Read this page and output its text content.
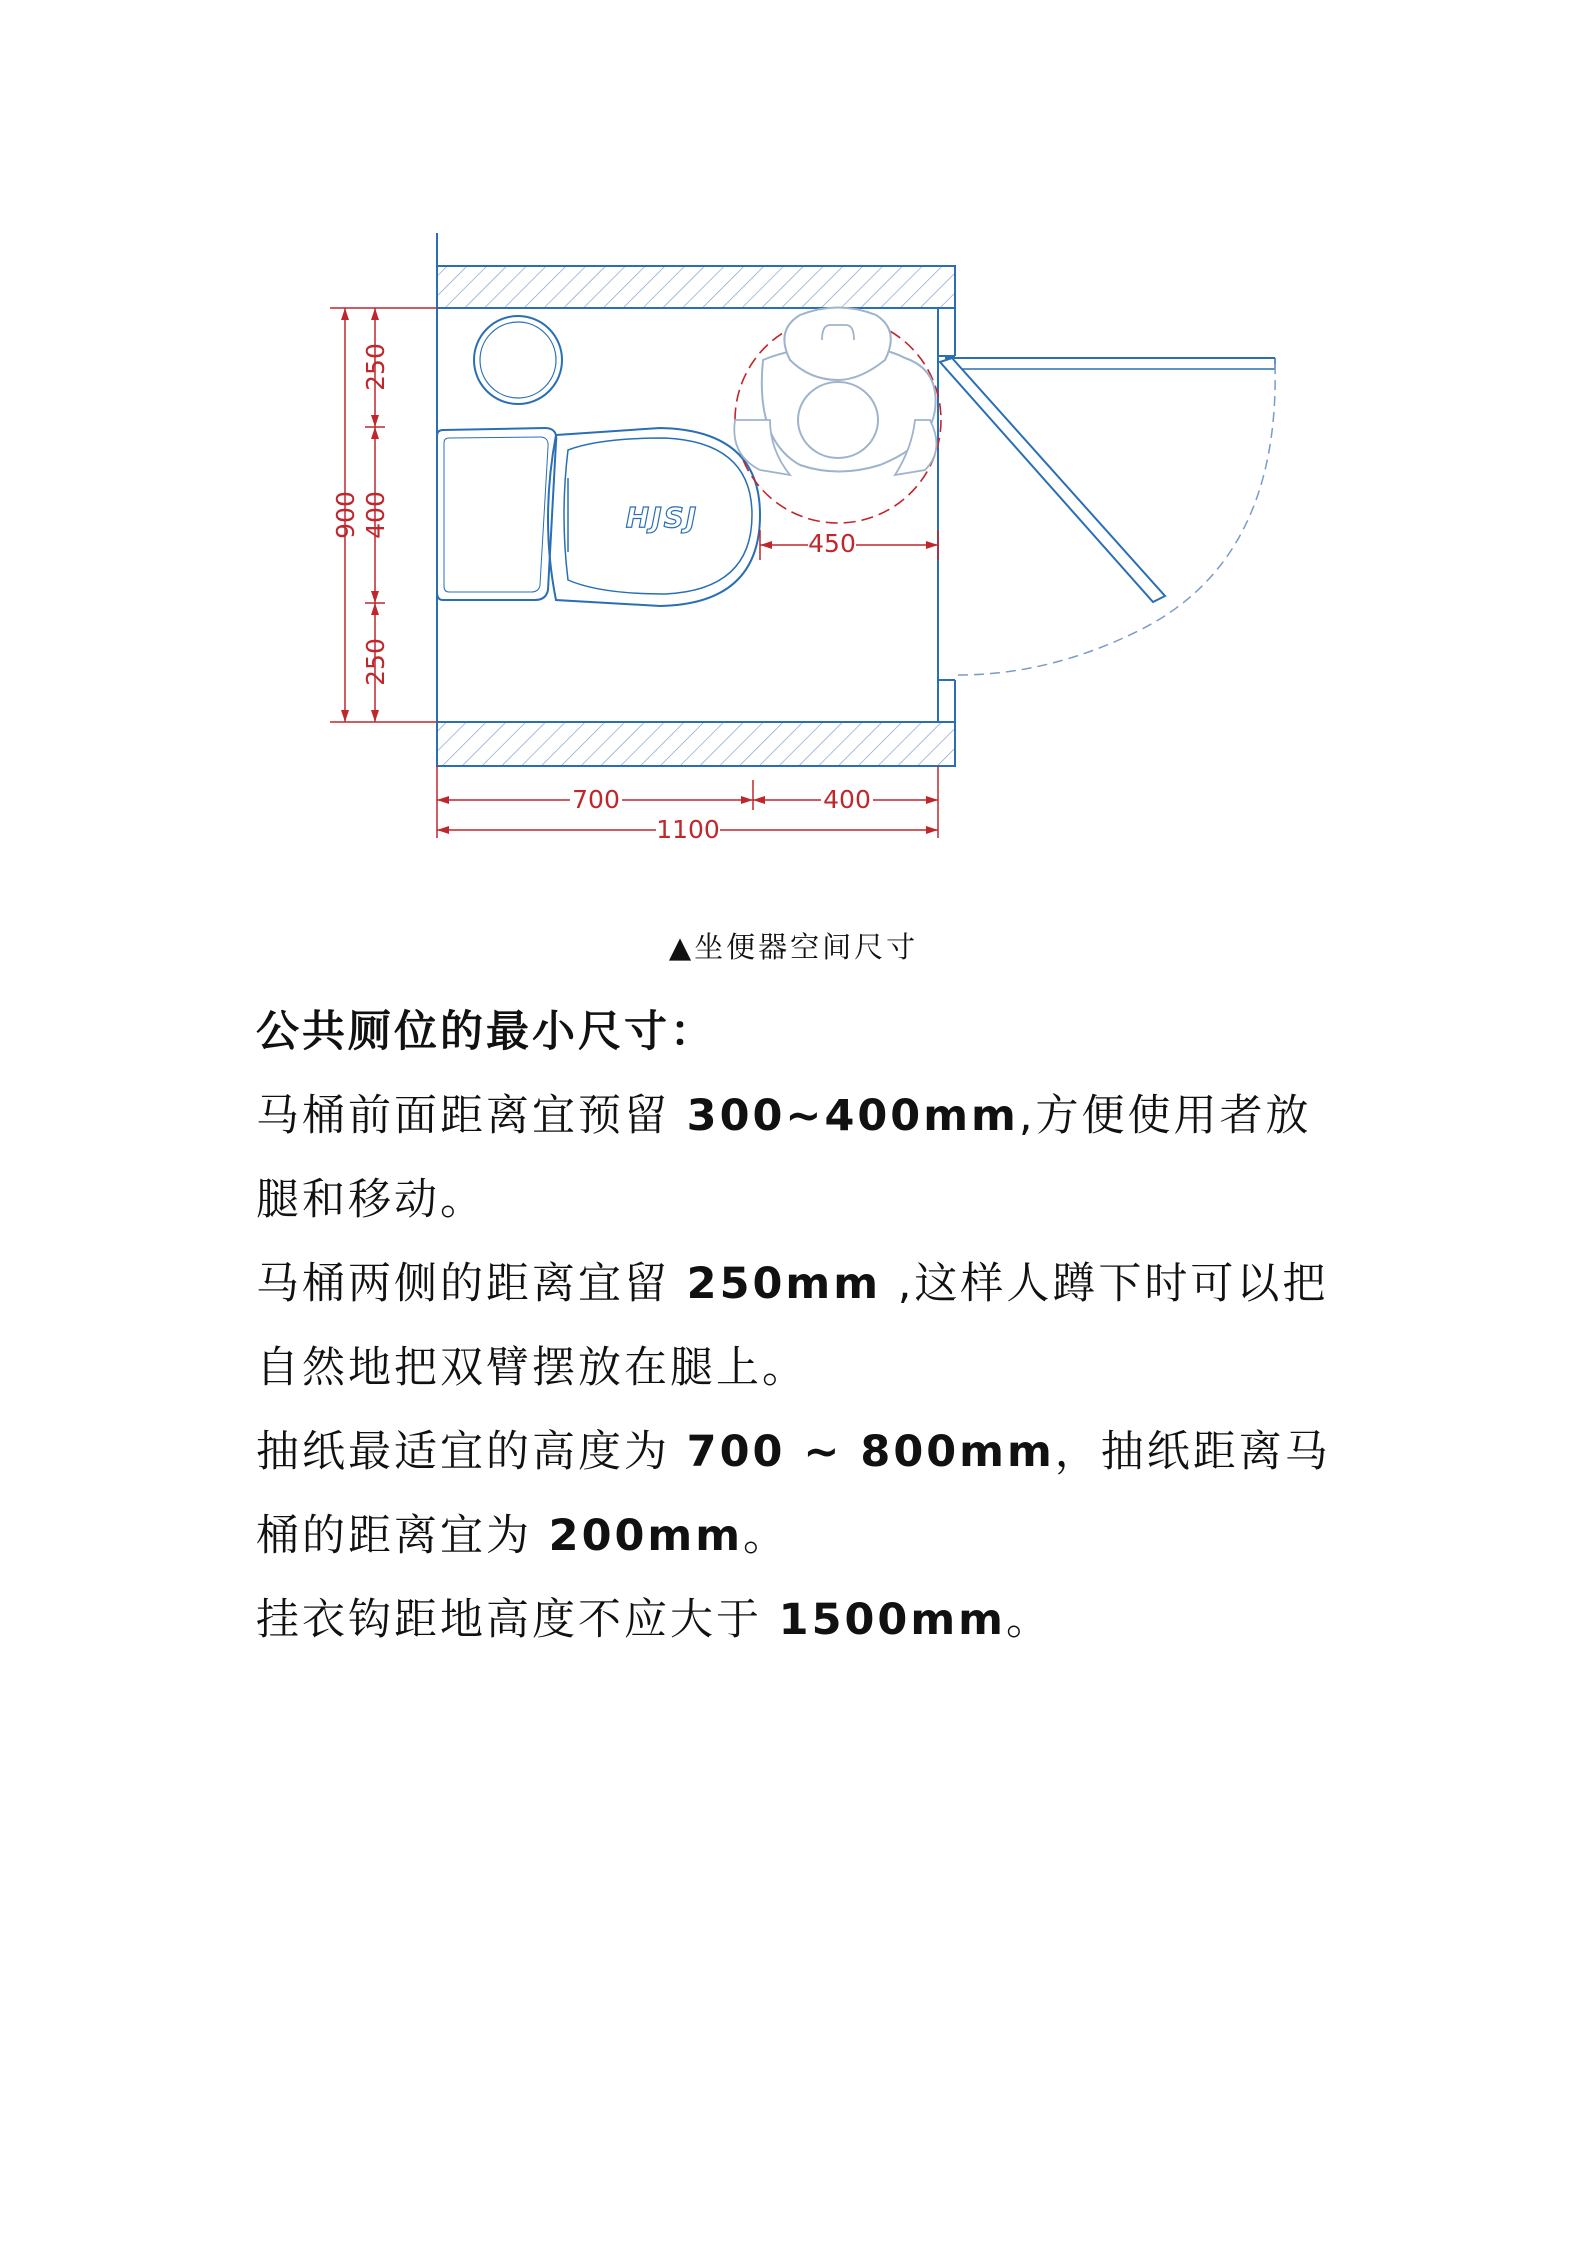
HJSJ
250
400
250
900
450
700	400
1100
▲坐便器空间尺寸

公共厕位的最小尺寸：

马桶前面距离宜预留 300~400mm,方便使用者放腿和移动。

马桶两侧的距离宜留 250mm ,这样人蹲下时可以把自然地把双臂摆放在腿上。

抽纸最适宜的高度为 700 ~ 800mm，抽纸距离马桶的距离宜为 200mm。

挂衣钩距地高度不应大于 1500mm。
